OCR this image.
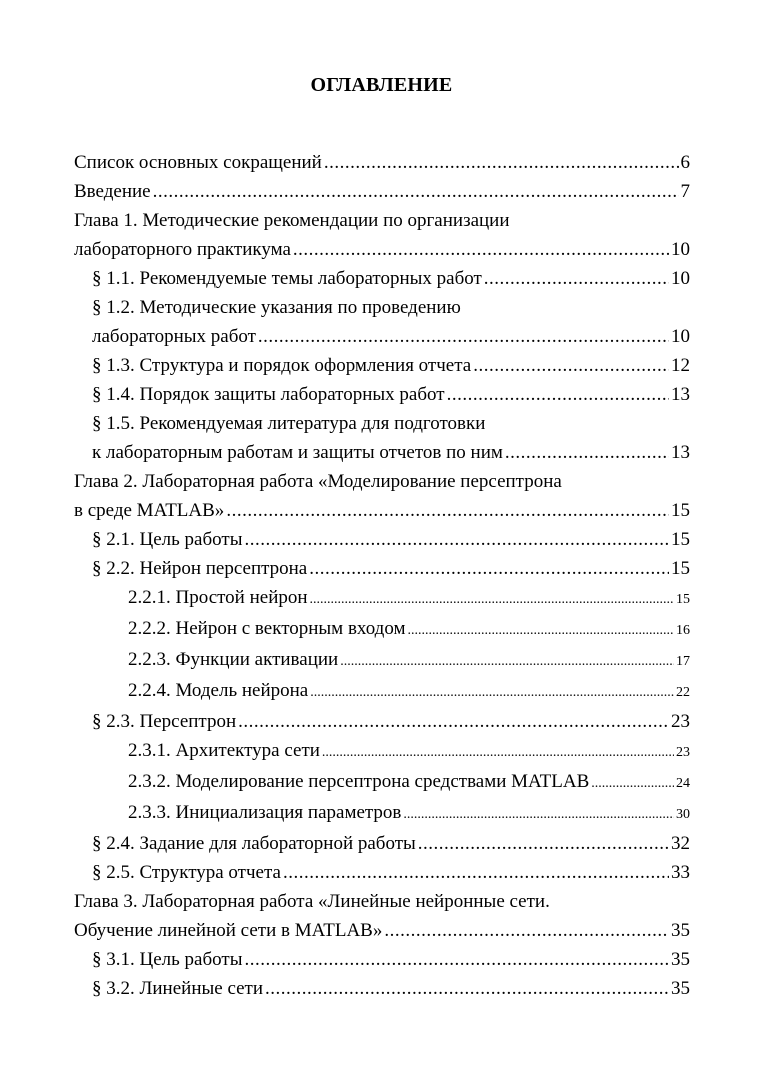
ОГЛАВЛЕНИЕ
Список основных сокращений .....	6
Введение .....	7
Глава 1. Методические рекомендации по организации
лабораторного практикума .....	10
§ 1.1. Рекомендуемые темы лабораторных работ .....	10
§ 1.2. Методические указания по проведению
лабораторных работ .....	10
§ 1.3. Структура и порядок оформления отчета .....	12
§ 1.4. Порядок защиты лабораторных работ .....	13
§ 1.5. Рекомендуемая литература для подготовки
к лабораторным работам и защиты отчетов по ним .....	13
Глава 2. Лабораторная работа «Моделирование персептрона
в среде MATLAB» .....	15
§ 2.1. Цель работы .....	15
§ 2.2. Нейрон персептрона .....	15
2.2.1. Простой нейрон .....	15
2.2.2. Нейрон с векторным входом .....	16
2.2.3. Функции активации .....	17
2.2.4. Модель нейрона .....	22
§ 2.3. Персептрон .....	23
2.3.1. Архитектура сети .....	23
2.3.2. Моделирование персептрона средствами MATLAB .....	24
2.3.3. Инициализация параметров .....	30
§ 2.4. Задание для лабораторной работы .....	32
§ 2.5. Структура отчета .....	33
Глава 3. Лабораторная работа «Линейные нейронные сети.
Обучение линейной сети в MATLAB» .....	35
§ 3.1. Цель работы .....	35
§ 3.2. Линейные сети .....	35
